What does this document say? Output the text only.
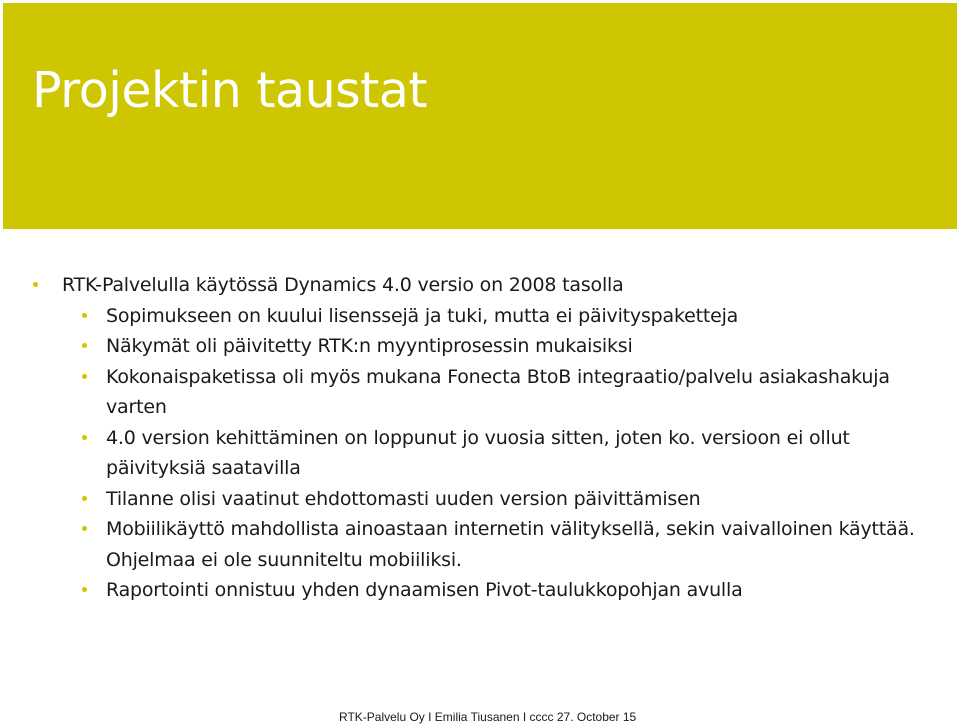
Projektin taustat
RTK-Palvelulla käytössä Dynamics 4.0 versio on 2008 tasolla
Sopimukseen on kuului lisenssejä ja tuki, mutta ei päivityspaketteja
Näkymät oli päivitetty RTK:n myyntiprosessin mukaisiksi
Kokonaispaketissa oli myös mukana Fonecta BtoB integraatio/palvelu asiakashakuja varten
4.0 version kehittäminen on loppunut jo vuosia sitten, joten ko. versioon ei ollut päivityksiä saatavilla
Tilanne olisi vaatinut ehdottomasti uuden version päivittämisen
Mobiilikäyttö mahdollista ainoastaan internetin välityksellä, sekin vaivalloinen käyttää. Ohjelmaa ei ole suunniteltu mobiiliksi.
Raportointi onnistuu yhden dynaamisen Pivot-taulukkopohjan avulla
RTK-Palvelu Oy I Emilia Tiusanen I cccc 27. October 15
